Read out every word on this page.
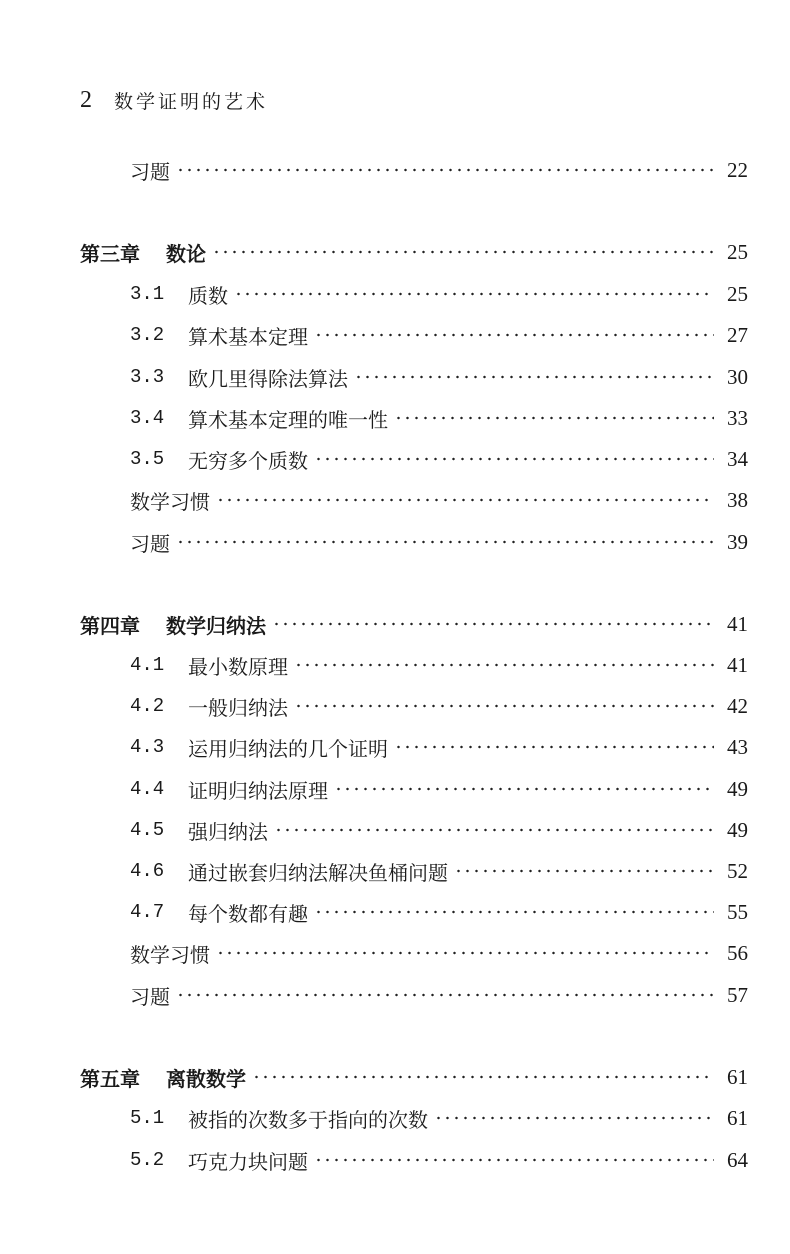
2 数学证明的艺术
习题	22
第三章 数论	25
3.1	质数	25
3.2	算术基本定理	27
3.3	欧几里得除法算法	30
3.4	算术基本定理的唯一性	33
3.5	无穷多个质数	34
数学习惯	38
习题	39
第四章 数学归纳法	41
4.1	最小数原理	41
4.2	一般归纳法	42
4.3	运用归纳法的几个证明	43
4.4	证明归纳法原理	49
4.5	强归纳法	49
4.6	通过嵌套归纳法解决鱼桶问题	52
4.7	每个数都有趣	55
数学习惯	56
习题	57
第五章 离散数学	61
5.1	被指的次数多于指向的次数	61
5.2	巧克力块问题	64
